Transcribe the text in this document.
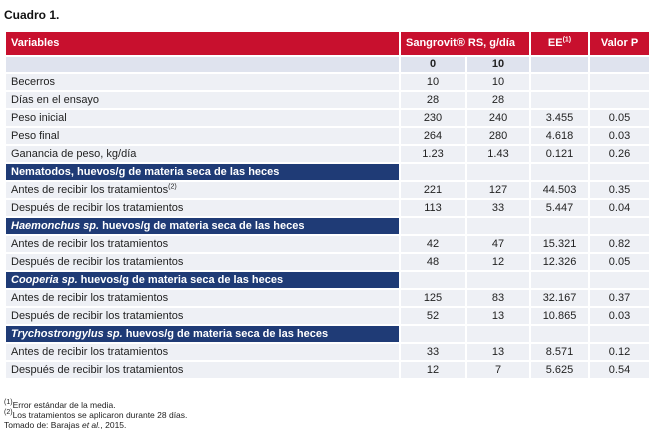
Cuadro 1.
Variables	Sangrovit® RS, g/día		EE$^{(1)}$	Valor P
	0	10		
Becerros	10	10		
Días en el ensayo	28	28		
Peso inicial	230	240	3.455	0.05
Peso final	264	280	4.618	0.03
Ganancia de peso, kg/día	1.23	1.43	0.121	0.26
Nematodos, huevos/g de materia seca de las heces				
Antes de recibir los tratamientos$^{(2)}$	221	127	44.503	0.35
Después de recibir los tratamientos	113	33	5.447	0.04
Haemonchus sp. huevos/g de materia seca de las heces				
Antes de recibir los tratamientos	42	47	15.321	0.82
Después de recibir los tratamientos	48	12	12.326	0.05
Cooperia sp. huevos/g de materia seca de las heces				
Antes de recibir los tratamientos	125	83	32.167	0.37
Después de recibir los tratamientos	52	13	10.865	0.03
Trychostrongylus sp. huevos/g de materia seca de las heces				
Antes de recibir los tratamientos	33	13	8.571	0.12
Después de recibir los tratamientos	12	7	5.625	0.54
$^{(1)}$Error estándar de la media.
$^{(2)}$Los tratamientos se aplicaron durante 28 días.
Tomado de: Barajas et al., 2015.
